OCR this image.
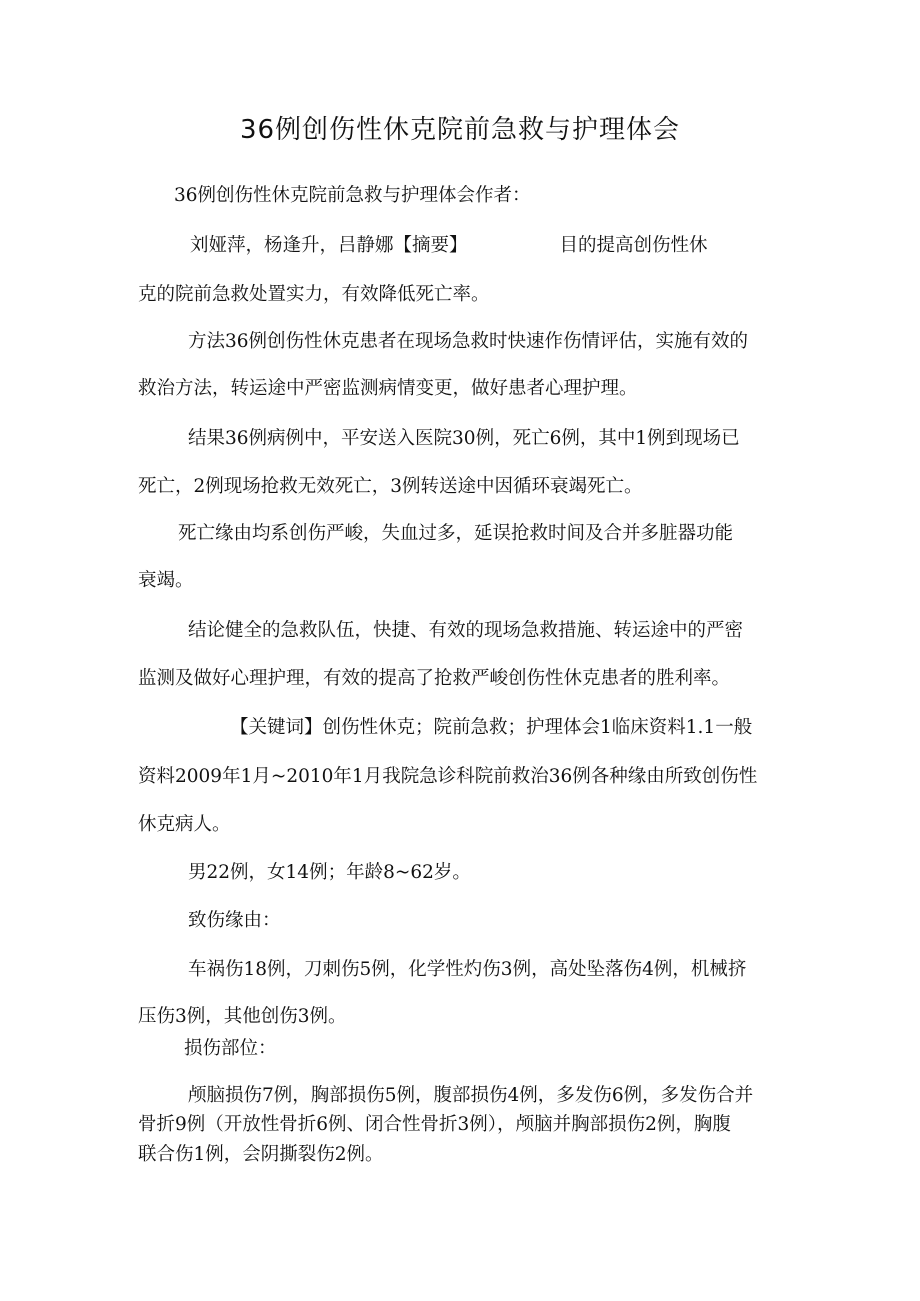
36例创伤性休克院前急救与护理体会
36例创伤性休克院前急救与护理体会作者：
刘娅萍，杨逢升，吕静娜【摘要】	目的提高创伤性休
克的院前急救处置实力，有效降低死亡率。
方法36例创伤性休克患者在现场急救时快速作伤情评估，实施有效的
救治方法，转运途中严密监测病情变更，做好患者心理护理。
结果36例病例中，平安送入医院30例，死亡6例，其中1例到现场已
死亡，2例现场抢救无效死亡，3例转送途中因循环衰竭死亡。
死亡缘由均系创伤严峻，失血过多，延误抢救时间及合并多脏器功能
衰竭。
结论健全的急救队伍，快捷、有效的现场急救措施、转运途中的严密
监测及做好心理护理，有效的提高了抢救严峻创伤性休克患者的胜利率。
【关键词】创伤性休克；院前急救；护理体会1临床资料1.1一般
资料2009年1月~2010年1月我院急诊科院前救治36例各种缘由所致创伤性
休克病人。
男22例，女14例；年龄8~62岁。
致伤缘由：
车祸伤18例，刀刺伤5例，化学性灼伤3例，高处坠落伤4例，机械挤
压伤3例，其他创伤3例。
损伤部位：
颅脑损伤7例，胸部损伤5例，腹部损伤4例，多发伤6例，多发伤合并
骨折9例（开放性骨折6例、闭合性骨折3例），颅脑并胸部损伤2例，胸腹
联合伤1例，会阴撕裂伤2例。
